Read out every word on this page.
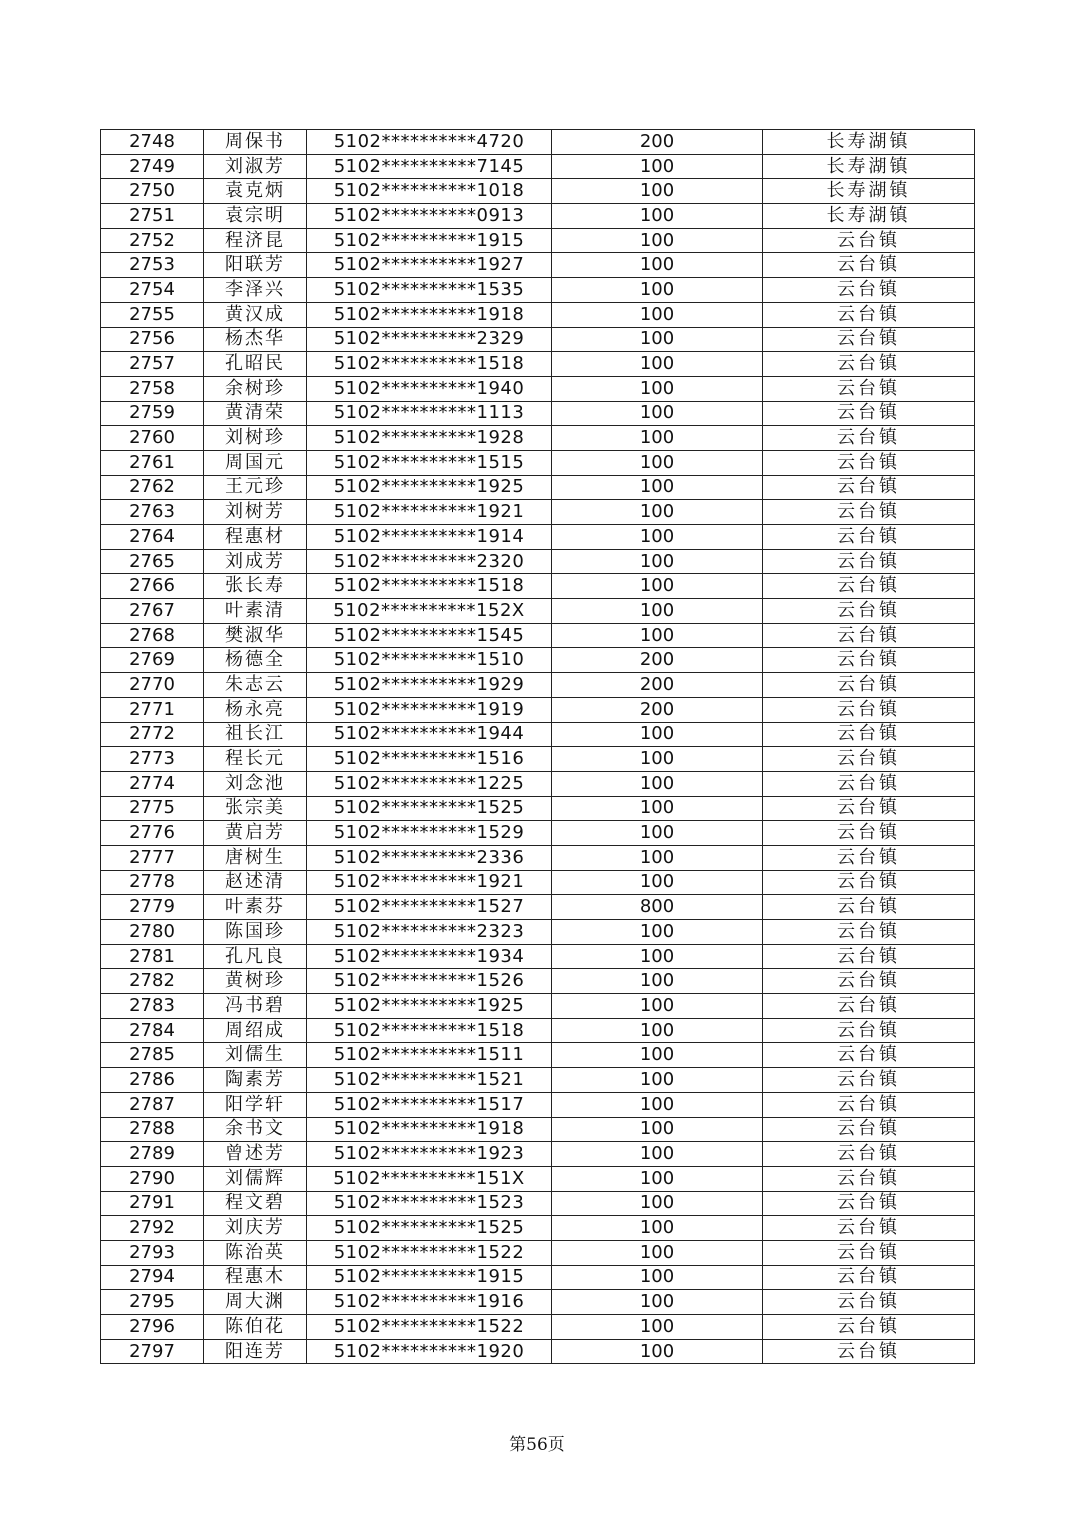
2748	周保书	5102**********4720	200	长寿湖镇
2749	刘淑芳	5102**********7145	100	长寿湖镇
2750	袁克炳	5102**********1018	100	长寿湖镇
2751	袁宗明	5102**********0913	100	长寿湖镇
2752	程济昆	5102**********1915	100	云台镇
2753	阳联芳	5102**********1927	100	云台镇
2754	李泽兴	5102**********1535	100	云台镇
2755	黄汉成	5102**********1918	100	云台镇
2756	杨杰华	5102**********2329	100	云台镇
2757	孔昭民	5102**********1518	100	云台镇
2758	余树珍	5102**********1940	100	云台镇
2759	黄清荣	5102**********1113	100	云台镇
2760	刘树珍	5102**********1928	100	云台镇
2761	周国元	5102**********1515	100	云台镇
2762	王元珍	5102**********1925	100	云台镇
2763	刘树芳	5102**********1921	100	云台镇
2764	程惠材	5102**********1914	100	云台镇
2765	刘成芳	5102**********2320	100	云台镇
2766	张长寿	5102**********1518	100	云台镇
2767	叶素清	5102**********152X	100	云台镇
2768	樊淑华	5102**********1545	100	云台镇
2769	杨德全	5102**********1510	200	云台镇
2770	朱志云	5102**********1929	200	云台镇
2771	杨永亮	5102**********1919	200	云台镇
2772	祖长江	5102**********1944	100	云台镇
2773	程长元	5102**********1516	100	云台镇
2774	刘念池	5102**********1225	100	云台镇
2775	张宗美	5102**********1525	100	云台镇
2776	黄启芳	5102**********1529	100	云台镇
2777	唐树生	5102**********2336	100	云台镇
2778	赵述清	5102**********1921	100	云台镇
2779	叶素芬	5102**********1527	800	云台镇
2780	陈国珍	5102**********2323	100	云台镇
2781	孔凡良	5102**********1934	100	云台镇
2782	黄树珍	5102**********1526	100	云台镇
2783	冯书碧	5102**********1925	100	云台镇
2784	周绍成	5102**********1518	100	云台镇
2785	刘儒生	5102**********1511	100	云台镇
2786	陶素芳	5102**********1521	100	云台镇
2787	阳学轩	5102**********1517	100	云台镇
2788	余书文	5102**********1918	100	云台镇
2789	曾述芳	5102**********1923	100	云台镇
2790	刘儒辉	5102**********151X	100	云台镇
2791	程文碧	5102**********1523	100	云台镇
2792	刘庆芳	5102**********1525	100	云台镇
2793	陈治英	5102**********1522	100	云台镇
2794	程惠木	5102**********1915	100	云台镇
2795	周大渊	5102**********1916	100	云台镇
2796	陈伯花	5102**********1522	100	云台镇
2797	阳连芳	5102**********1920	100	云台镇
第56页
